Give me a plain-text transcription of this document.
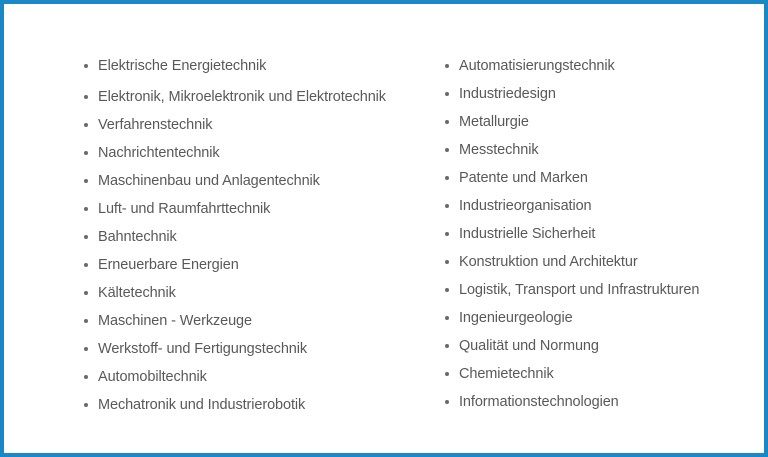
Elektrische Energietechnik
Elektronik, Mikroelektronik und Elektrotechnik
Verfahrenstechnik
Nachrichtentechnik
Maschinenbau und Anlagentechnik
Luft- und Raumfahrttechnik
Bahntechnik
Erneuerbare Energien
Kältetechnik
Maschinen - Werkzeuge
Werkstoff- und Fertigungstechnik
Automobiltechnik
Mechatronik und Industrierobotik
Automatisierungstechnik
Industriedesign
Metallurgie
Messtechnik
Patente und Marken
Industrieorganisation
Industrielle Sicherheit
Konstruktion und Architektur
Logistik, Transport und Infrastrukturen
Ingenieurgeologie
Qualität und Normung
Chemietechnik
Informationstechnologien
